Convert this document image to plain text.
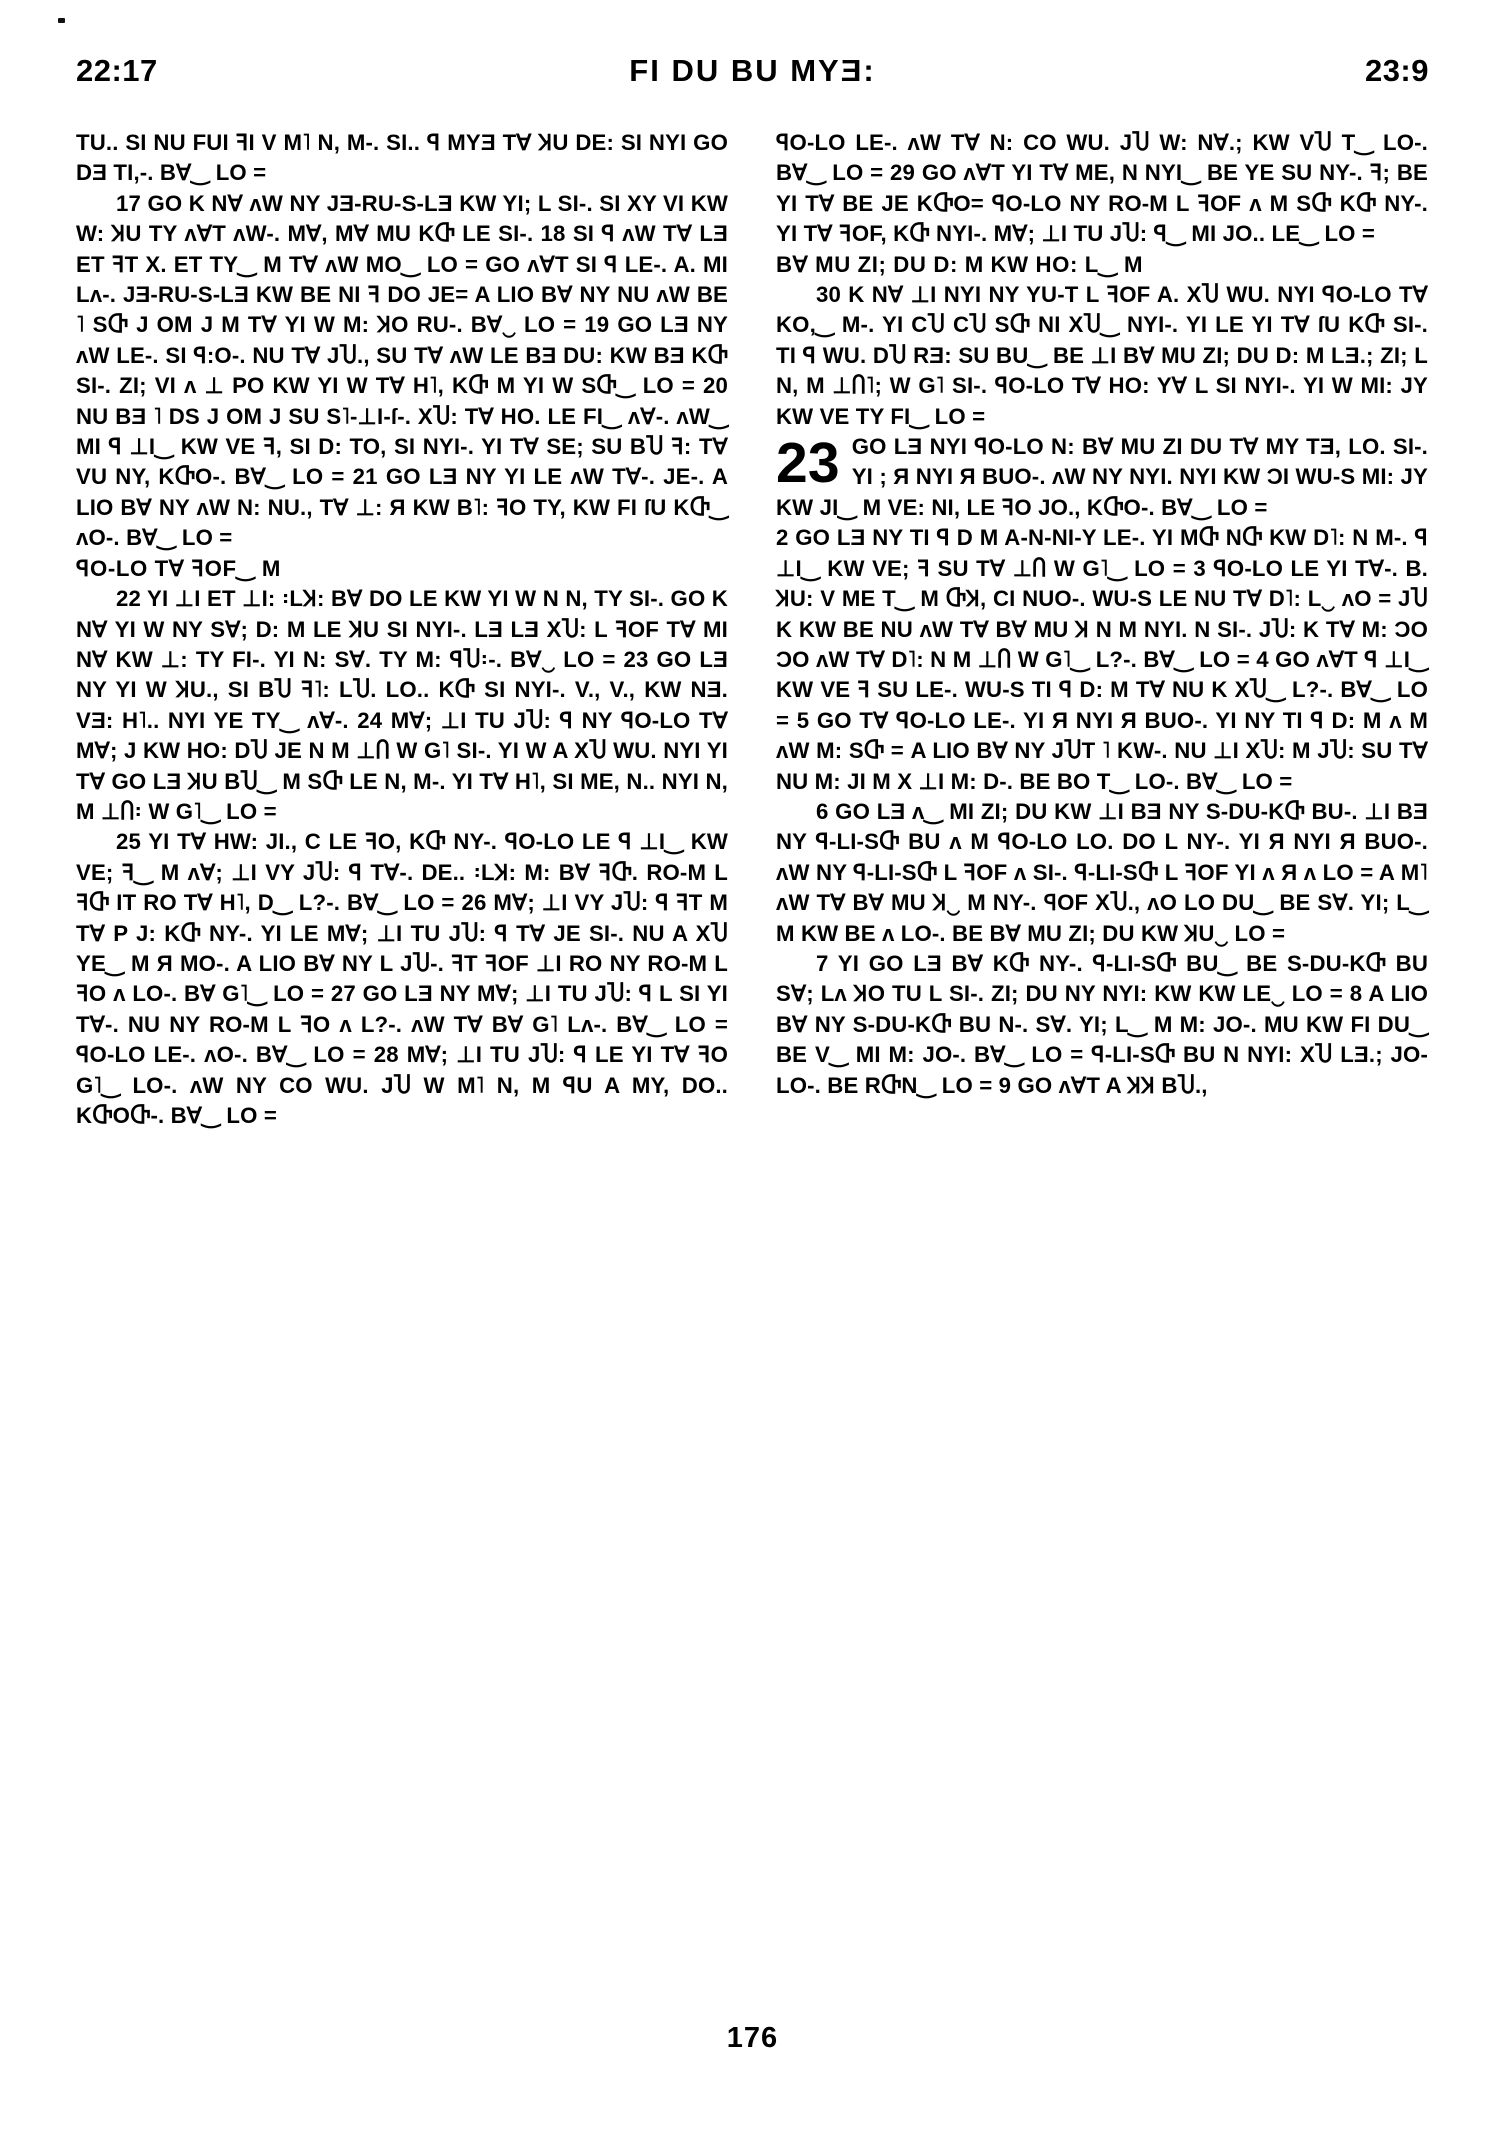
22:17	FI DU BU MYƎ:	23:9

TU.. SI NU FUI ꟻI V M˥ N, M-. SI.. ꟼ MYƎ T∀ ꞰU DE: SI NYI GO DƎ TI,-. B∀‿ LO =

17 GO K N∀ ᴧW NY JƎ-RU-S-LƎ KW YI; L SI-. SI XY VI KW W: ꞰU TY ᴧ∀T ᴧW-. M∀, M∀ MU KႧ LE SI-. 18 SI ꟼ ᴧW T∀ LƎ ET ꟻT X. ET TY‿ M T∀ ᴧW MO‿ LO = GO ᴧ∀T SI ꟼ LE-. A. MI Lᴧ-. JƎ-RU-S-LƎ KW BE NI ꟻ DO JE= A LIO B∀ NY NU ᴧW BE ˥ SႧ J OM J M T∀ YI W M: ꞰO RU-. B∀‿ LO = 19 GO LƎ NY ᴧW LE-. SI ꟼ:O-. NU T∀ JႮ., SU T∀ ᴧW LE BƎ DU: KW BƎ KႧ SI-. ZI; VI ᴧ ⊥ PO KW YI W T∀ H˥, KႧ M YI W SႧ‿ LO = 20 NU BƎ ˥ DS J OM J SU S˥-⊥I-ſ-. XႮ: T∀ HO. LE FI‿ ᴧ∀-. ᴧW‿ MI ꟼ ⊥I‿ KW VE ꟻ, SI D: TO, SI NYI-. YI T∀ SE; SU BႮ ꟻ: T∀ VU NY, KႧO-. B∀‿ LO = 21 GO LƎ NY YI LE ᴧW T∀-. JE-. A LIO B∀ NY ᴧW N: NU., T∀ ⊥: Я KW B˥: ꟻO TY, KW FI ſU KႧ‿ ᴧO-. B∀‿ LO =

ꟼO-LO T∀ ꟻOF‿ M

22 YI ⊥I ET ⊥I: ꞉LꞰ: B∀ DO LE KW YI W N N, TY SI-. GO K N∀ YI W NY S∀; D: M LE ꞰU SI NYI-. LƎ LƎ XႮ: L ꟻOF T∀ MI N∀ KW ⊥: TY FI-. YI N: S∀. TY M: ꟼႮ꞉-. B∀‿ LO = 23 GO LƎ NY YI W ꞰU., SI BႮ ꟻ˥: LႮ. LO.. KႧ SI NYI-. V., V., KW NƎ. VƎ: H˥.. NYI YE TY‿ ᴧ∀-. 24 M∀; ⊥I TU JႮ: ꟼ NY ꟼO-LO T∀ M∀; J KW HO: DႮ JE N M ⊥Ⴖ W G˥ SI-. YI W A XႮ WU. NYI YI T∀ GO LƎ ꞰU BႮ‿ M SႧ LE N, M-. YI T∀ H˥, SI ME, N.. NYI N, M ⊥Ⴖ꞉ W G˥‿ LO =

25 YI T∀ HW: JI., C LE ꟻO, KႧ NY-. ꟼO-LO LE ꟼ ⊥I‿ KW VE; ꟻ‿ M ᴧ∀; ⊥I VY JႮ: ꟼ T∀-. DE.. ꞉LꞰ: M: B∀ ꟻႧ. RO-M L ꟻႧ IT RO T∀ H˥, D‿ L?-. B∀‿ LO = 26 M∀; ⊥I VY JႮ: ꟼ ꟻT M T∀ P J: KႧ NY-. YI LE M∀; ⊥I TU JႮ: ꟼ T∀ JE SI-. NU A XႮ YE‿ M Я MO-. A LIO B∀ NY L JႮ-. ꟻT ꟻOF ⊥I RO NY RO-M L ꟻO ᴧ LO-. B∀ G˥‿ LO = 27 GO LƎ NY M∀; ⊥I TU JႮ: ꟼ L SI YI T∀-. NU NY RO-M L ꟻO ᴧ L?-. ᴧW T∀ B∀ G˥ Lᴧ-. B∀‿ LO = ꟼO-LO LE-. ᴧO-. B∀‿ LO = 28 M∀; ⊥I TU JႮ: ꟼ LE YI T∀ ꟻO G˥‿ LO-. ᴧW NY CO WU. JႮ W M˥ N, M ꟼU A MY, DO.. KႧOႧ-. B∀‿ LO =

ꟼO-LO LE-. ᴧW T∀ N: CO WU. JႮ W: N∀.; KW VႮ T‿ LO-. B∀‿ LO = 29 GO ᴧ∀T YI T∀ ME, N NYI‿ BE YE SU NY-. ꟻ; BE YI T∀ BE JE KႧO= ꟼO-LO NY RO-M L ꟻOF ᴧ M SႧ KႧ NY-. YI T∀ ꟻOF, KႧ NYI-. M∀; ⊥I TU JႮ: ꟼ‿ MI JO.. LE‿ LO =

B∀ MU ZI; DU D: M KW HO: L‿ M

30 K N∀ ⊥I NYI NY YU-T L ꟻOF A. XႮ WU. NYI ꟼO-LO T∀ KO,‿ M-. YI CႮ CႮ SႧ NI XႮ‿ NYI-. YI LE YI T∀ ſU KႧ SI-. TI ꟼ WU. DႮ RƎ: SU BU‿ BE ⊥I B∀ MU ZI; DU D: M LƎ.; ZI; L N, M ⊥Ⴖ˥; W G˥ SI-. ꟼO-LO T∀ HO: Y∀ L SI NYI-. YI W MI: JY KW VE TY FI‿ LO =

23 GO LƎ NYI ꟼO-LO N: B∀ MU ZI DU T∀ MY TƎ, LO. SI-. YI ; Я NYI Я BUO-. ᴧW NY NYI. NYI KW ƆI WU-S MI: JY KW JI‿ M VE: NI, LE ꟻO JO., KႧO-. B∀‿ LO =

2 GO LƎ NY TI ꟼ D M A-N-NI-Y LE-. YI MႧ NႧ KW D˥: N M-. ꟼ ⊥I‿ KW VE; ꟻ SU T∀ ⊥Ⴖ W G˥‿ LO = 3 ꟼO-LO LE YI T∀-. B. ꞰU: V ME T‿ M ႧꞰ, CI NUO-. WU-S LE NU T∀ D˥: L‿ ᴧO = JႮ K KW BE NU ᴧW T∀ B∀ MU Ʞ N M NYI. N SI-. JႮ: K T∀ M: ƆO ƆO ᴧW T∀ D˥: N M ⊥Ⴖ W G˥‿ L?-. B∀‿ LO = 4 GO ᴧ∀T ꟼ ⊥I‿ KW VE ꟻ SU LE-. WU-S TI ꟼ D: M T∀ NU K XႮ‿ L?-. B∀‿ LO = 5 GO T∀ ꟼO-LO LE-. YI Я NYI Я BUO-. YI NY TI ꟼ D: M ᴧ M ᴧW M: SႧ = A LIO B∀ NY JႮT ˥ KW-. NU ⊥I XႮ: M JႮ: SU T∀ NU M: JI M X ⊥I M: D-. BE BO T‿ LO-. B∀‿ LO =

6 GO LƎ ᴧ‿ MI ZI; DU KW ⊥I BƎ NY S-DU-KႧ BU-. ⊥I BƎ NY ꟼ-LI-SႧ BU ᴧ M ꟼO-LO LO. DO L NY-. YI Я NYI Я BUO-. ᴧW NY ꟼ-LI-SႧ L ꟻOF ᴧ SI-. ꟼ-LI-SႧ L ꟻOF YI ᴧ Я ᴧ LO = A M˥ ᴧW T∀ B∀ MU Ʞ‿ M NY-. ꟼOF XႮ., ᴧO LO DU‿ BE S∀. YI; L‿ M KW BE ᴧ LO-. BE B∀ MU ZI; DU KW ꞰU‿ LO =

7 YI GO LƎ B∀ KႧ NY-. ꟼ-LI-SႧ BU‿ BE S-DU-KႧ BU S∀; Lᴧ ꞰO TU L SI-. ZI; DU NY NYI: KW KW LE‿ LO = 8 A LIO B∀ NY S-DU-KႧ BU N-. S∀. YI; L‿ M M: JO-. MU KW FI DU‿ BE V‿ MI M: JO-. B∀‿ LO = ꟼ-LI-SႧ BU N NYI: XႮ LƎ.; JO-LO-. BE RႧN‿ LO = 9 GO ᴧ∀T A ꞰꞰ BႮ.,

176
